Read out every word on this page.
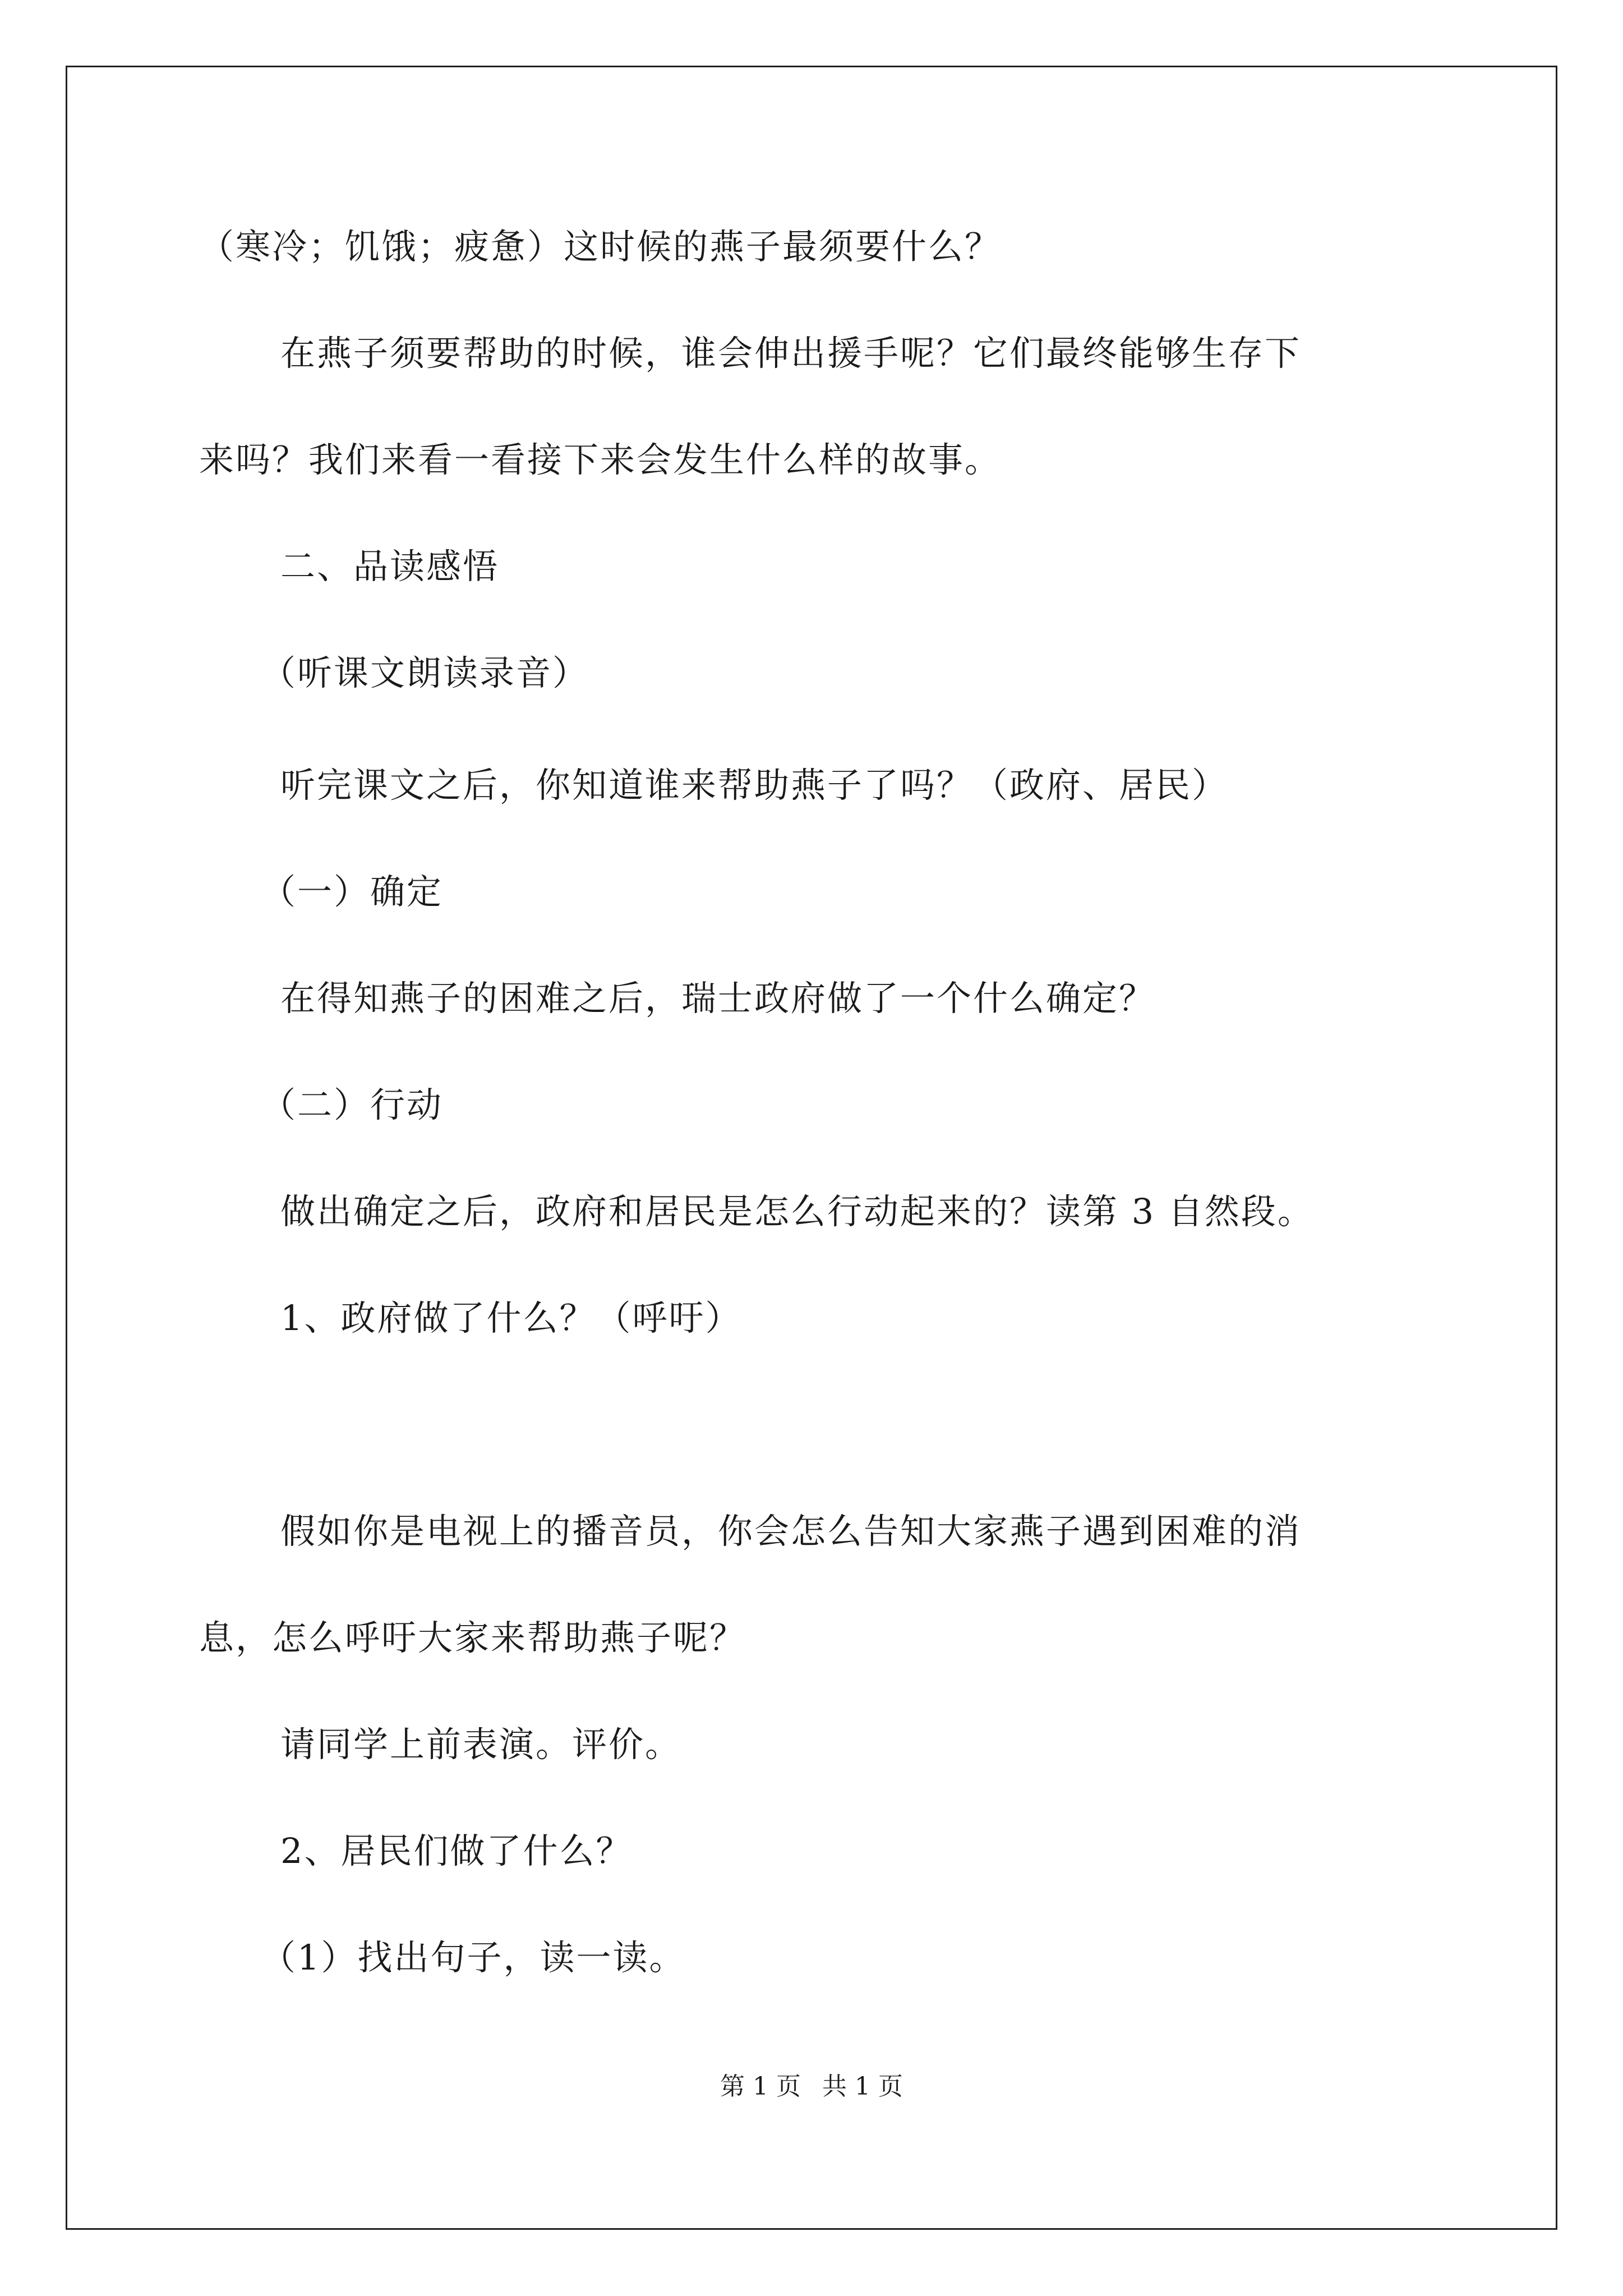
（寒冷；饥饿；疲惫）这时候的燕子最须要什么？
在燕子须要帮助的时候，谁会伸出援手呢？它们最终能够生存下
来吗？我们来看一看接下来会发生什么样的故事。
二、品读感悟
（听课文朗读录音）
听完课文之后，你知道谁来帮助燕子了吗？（政府、居民）
（一）确定
在得知燕子的困难之后，瑞士政府做了一个什么确定？
（二）行动
做出确定之后，政府和居民是怎么行动起来的？读第 3 自然段。
1、政府做了什么？（呼吁）
假如你是电视上的播音员，你会怎么告知大家燕子遇到困难的消
息，怎么呼吁大家来帮助燕子呢？
请同学上前表演。评价。
2、居民们做了什么？
（1）找出句子，读一读。
第 1 页 共 1 页
